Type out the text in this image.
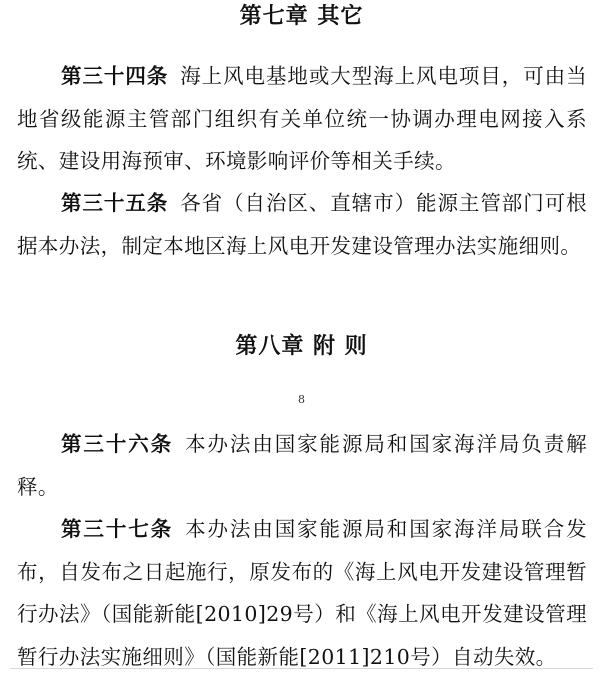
第七章 其它
第三十四条 海上风电基地或大型海上风电项目，可由当地省级能源主管部门组织有关单位统一协调办理电网接入系统、建设用海预审、环境影响评价等相关手续。
第三十五条 各省（自治区、直辖市）能源主管部门可根据本办法，制定本地区海上风电开发建设管理办法实施细则。
第八章 附 则
8
第三十六条 本办法由国家能源局和国家海洋局负责解释。
第三十七条 本办法由国家能源局和国家海洋局联合发布，自发布之日起施行，原发布的《海上风电开发建设管理暂行办法》（国能新能[2010]29号）和《海上风电开发建设管理暂行办法实施细则》（国能新能[2011]210号）自动失效。
